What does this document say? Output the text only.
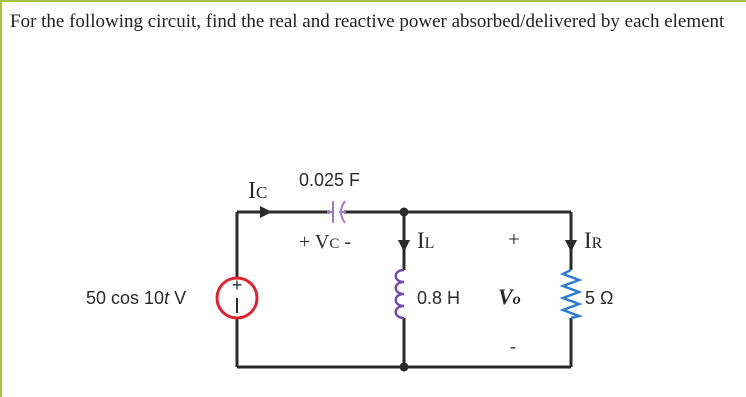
For the following circuit, find the real and reactive power absorbed/delivered by each element
+
0.025 F
IC
+ VC -	IL	IR
+
Vo
-
0.8 H	5 Ω
50 cos 10t V
